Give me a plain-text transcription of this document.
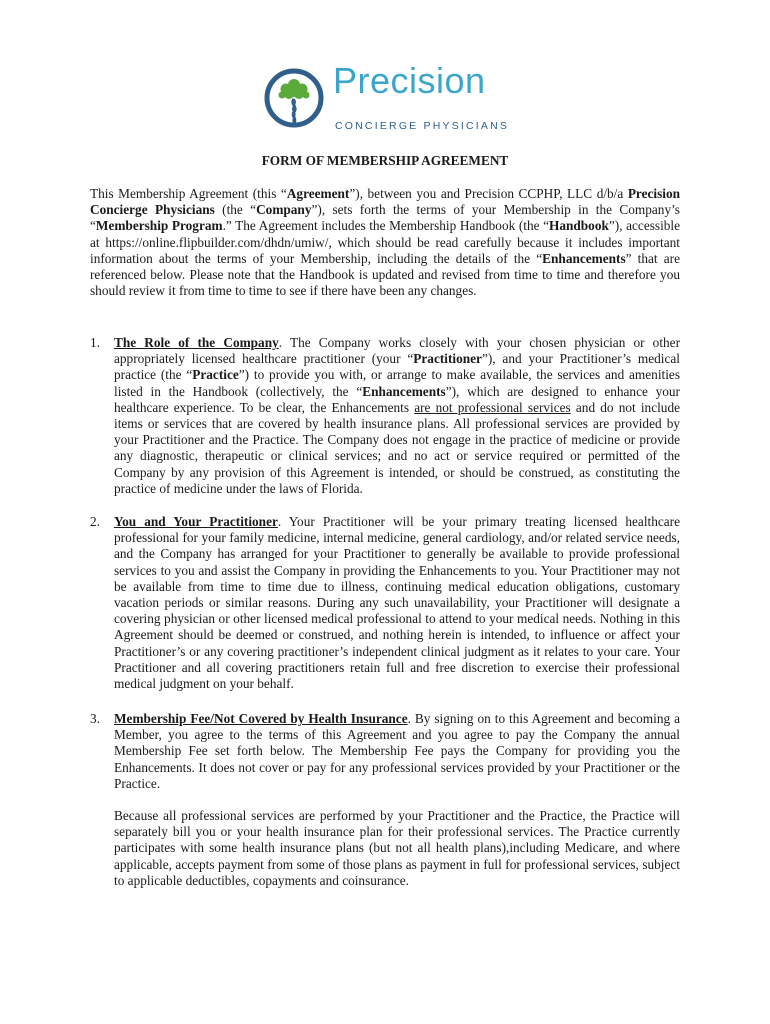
Precision
CONCIERGE PHYSICIANS
FORM OF MEMBERSHIP AGREEMENT

This Membership Agreement (this “Agreement”), between you and Precision CCPHP, LLC d/b/a Precision Concierge Physicians (the “Company”), sets forth the terms of your Membership in the Company’s “Membership Program.” The Agreement includes the Membership Handbook (the “Handbook”), accessible at https://online.flipbuilder.com/dhdn/umiw/, which should be read carefully because it includes important information about the terms of your Membership, including the details of the “Enhancements” that are referenced below. Please note that the Handbook is updated and revised from time to time and therefore you should review it from time to time to see if there have been any changes.

1. The Role of the Company. The Company works closely with your chosen physician or other appropriately licensed healthcare practitioner (your “Practitioner”), and your Practitioner’s medical practice (the “Practice”) to provide you with, or arrange to make available, the services and amenities listed in the Handbook (collectively, the “Enhancements”), which are designed to enhance your healthcare experience. To be clear, the Enhancements are not professional services and do not include items or services that are covered by health insurance plans. All professional services are provided by your Practitioner and the Practice. The Company does not engage in the practice of medicine or provide any diagnostic, therapeutic or clinical services; and no act or service required or permitted of the Company by any provision of this Agreement is intended, or should be construed, as constituting the practice of medicine under the laws of Florida.

2. You and Your Practitioner. Your Practitioner will be your primary treating licensed healthcare professional for your family medicine, internal medicine, general cardiology, and/or related service needs, and the Company has arranged for your Practitioner to generally be available to provide professional services to you and assist the Company in providing the Enhancements to you. Your Practitioner may not be available from time to time due to illness, continuing medical education obligations, customary vacation periods or similar reasons. During any such unavailability, your Practitioner will designate a covering physician or other licensed medical professional to attend to your medical needs. Nothing in this Agreement should be deemed or construed, and nothing herein is intended, to influence or affect your Practitioner’s or any covering practitioner’s independent clinical judgment as it relates to your care. Your Practitioner and all covering practitioners retain full and free discretion to exercise their professional medical judgment on your behalf.

3. Membership Fee/Not Covered by Health Insurance. By signing on to this Agreement and becoming a Member, you agree to the terms of this Agreement and you agree to pay the Company the annual Membership Fee set forth below. The Membership Fee pays the Company for providing you the Enhancements. It does not cover or pay for any professional services provided by your Practitioner or the Practice.

Because all professional services are performed by your Practitioner and the Practice, the Practice will separately bill you or your health insurance plan for their professional services. The Practice currently participates with some health insurance plans (but not all health plans),including Medicare, and where applicable, accepts payment from some of those plans as payment in full for professional services, subject to applicable deductibles, copayments and coinsurance.
